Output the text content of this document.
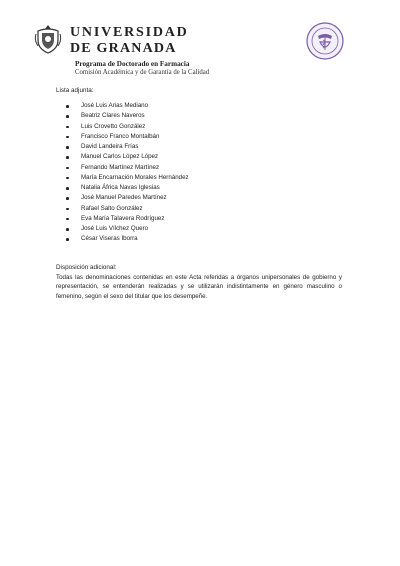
UNIVERSIDAD
DE GRANADA
Programa de Doctorado en Farmacia
Comisión Académica y de Garantía de la Calidad
Lista adjunta:
José Luis Arias Mediano
Beatriz Clares Naveros
Luis Crovetto González
Francisco Franco Montalbán
David Landeira Frías
Manuel Carlos López López
Fernando Martínez Martínez
María Encarnación Morales Hernández
Natalia África Navas Iglesias
José Manuel Paredes Martínez
Rafael Salto González
Eva María Talavera Rodríguez
José Luis Vílchez Quero
César Viseras Iborra
Disposición adicional:

Todas las denominaciones contenidas en este Acta referidas a órganos unipersonales de gobierno y representación, se entenderán realizadas y se utilizarán indistintamente en género masculino o femenino, según el sexo del titular que los desempeñe.
